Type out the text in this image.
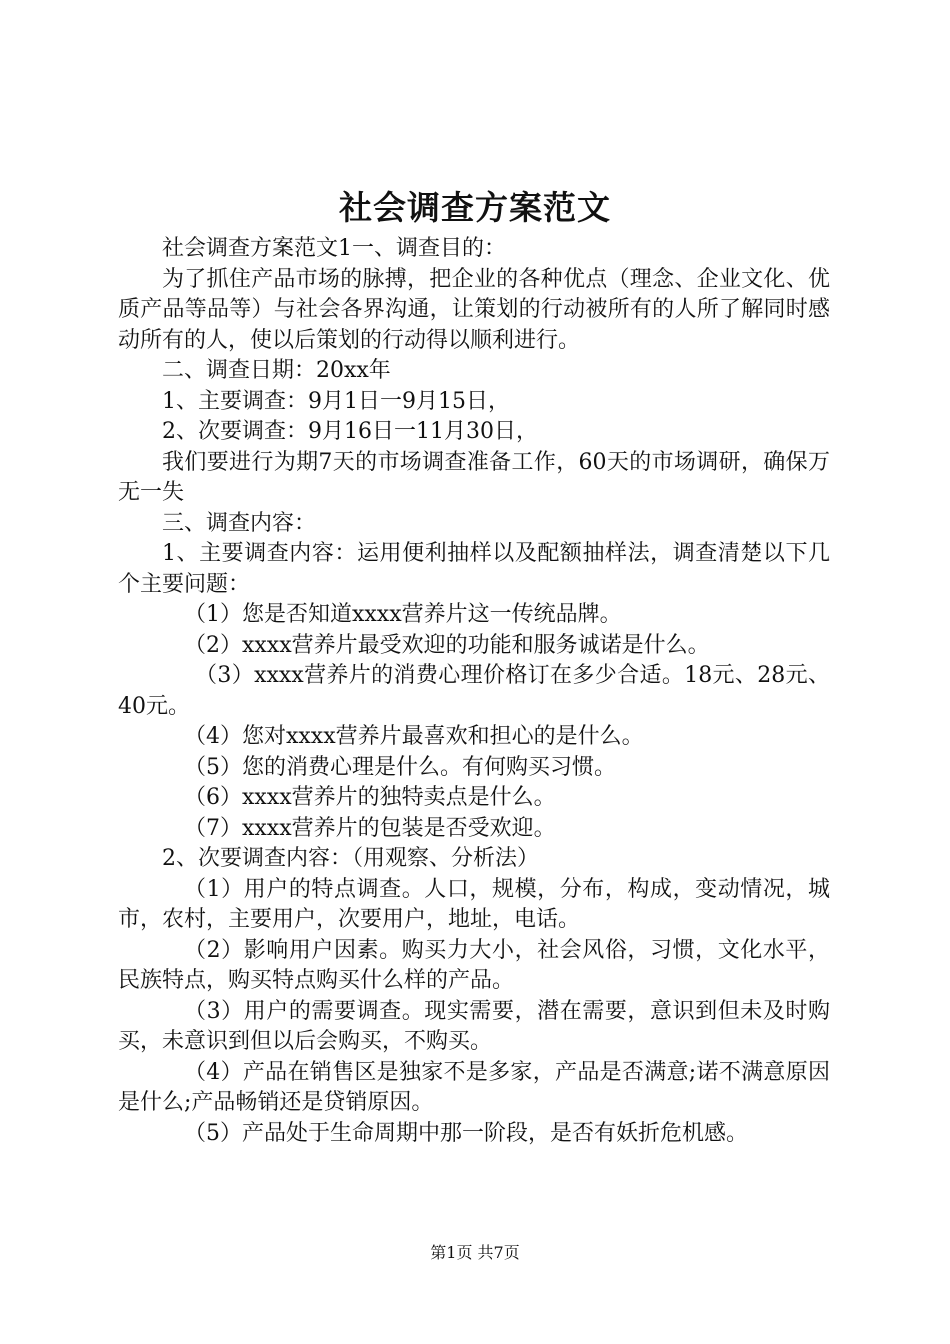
社会调查方案范文

社会调查方案范文1一、调查目的：

为了抓住产品市场的脉搏，把企业的各种优点（理念、企业文化、优质产品等品等）与社会各界沟通，让策划的行动被所有的人所了解同时感动所有的人，使以后策划的行动得以顺利进行。

二、调查日期：20xx年

1、主要调查：9月1日一9月15日，

2、次要调查：9月16日一11月30日，

我们要进行为期7天的市场调查准备工作，60天的市场调研，确保万无一失

三、调查内容：

1、主要调查内容：运用便利抽样以及配额抽样法，调查清楚以下几个主要问题：

（1）您是否知道xxxx营养片这一传统品牌。

（2）xxxx营养片最受欢迎的功能和服务诚诺是什么。

（3）xxxx营养片的消费心理价格订在多少合适。18元、28元、40元。

（4）您对xxxx营养片最喜欢和担心的是什么。

（5）您的消费心理是什么。有何购买习惯。

（6）xxxx营养片的独特卖点是什么。

（7）xxxx营养片的包装是否受欢迎。

2、次要调查内容：（用观察、分析法）

（1）用户的特点调查。人口，规模，分布，构成，变动情况，城市，农村，主要用户，次要用户，地址，电话。

（2）影响用户因素。购买力大小，社会风俗，习惯，文化水平，民族特点，购买特点购买什么样的产品。

（3）用户的需要调查。现实需要，潜在需要，意识到但未及时购买，未意识到但以后会购买，不购买。

（4）产品在销售区是独家不是多家，产品是否满意;诺不满意原因是什么;产品畅销还是贷销原因。

（5）产品处于生命周期中那一阶段，是否有妖折危机感。

第1页 共7页
